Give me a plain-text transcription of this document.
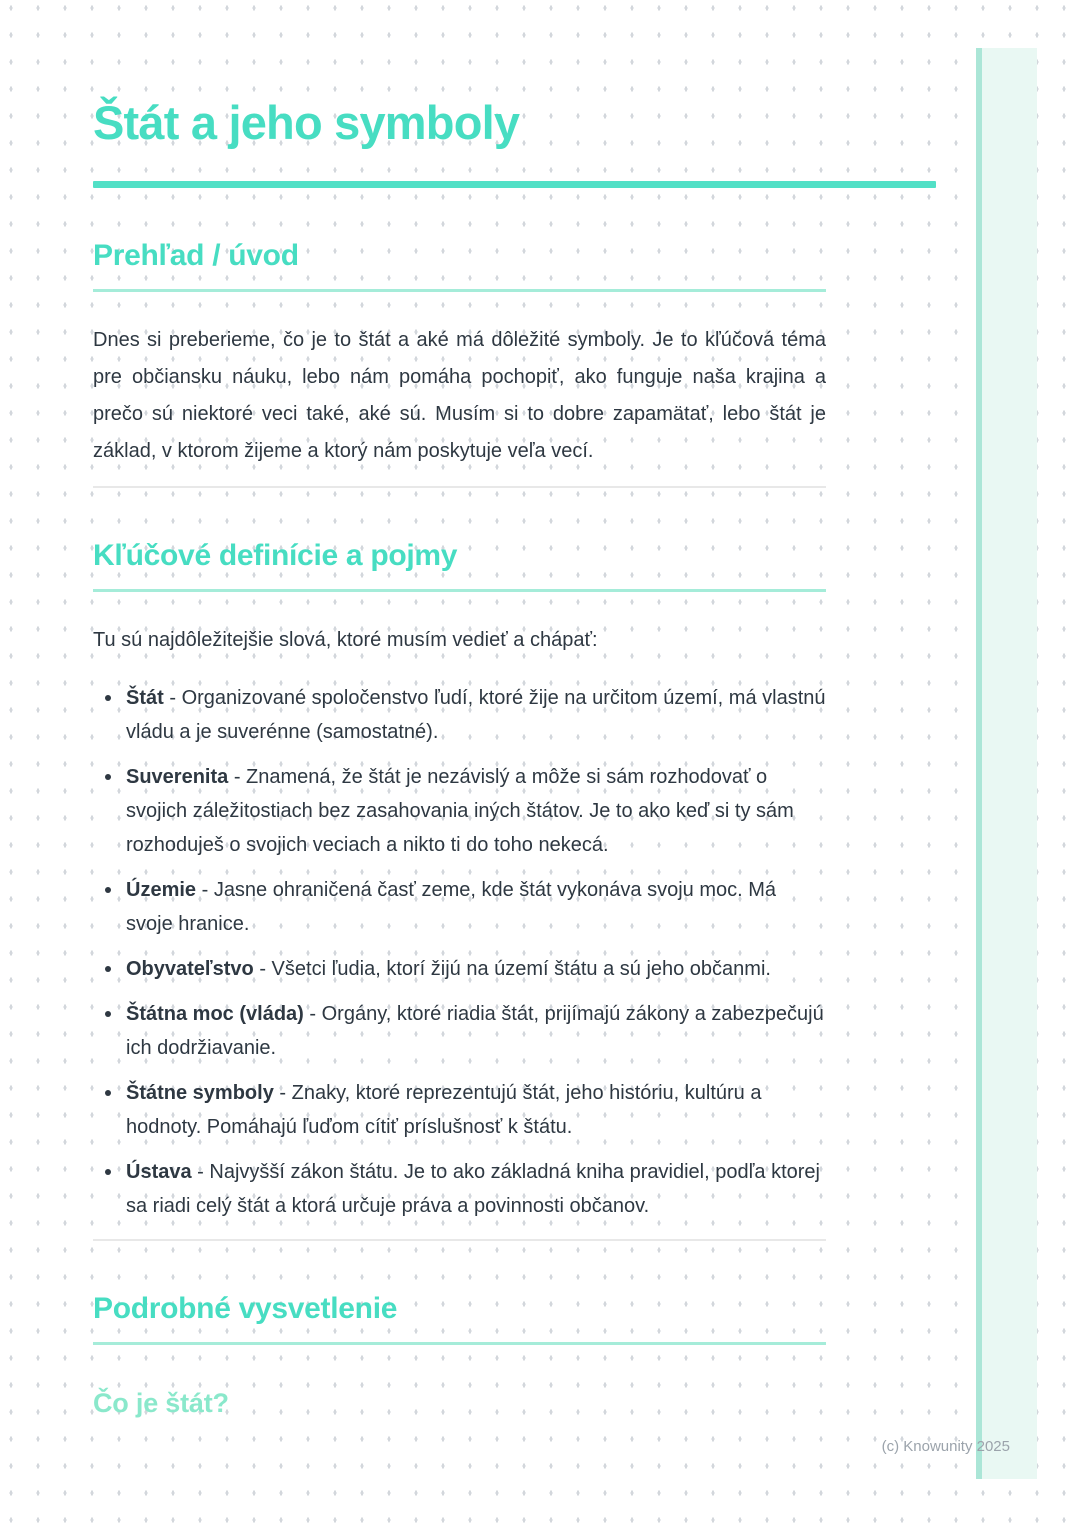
Štát a jeho symboly
Prehľad / úvod

Dnes si preberieme, čo je to štát a aké má dôležité symboly. Je to kľúčová téma pre občiansku náuku, lebo nám pomáha pochopiť, ako funguje naša krajina a prečo sú niektoré veci také, aké sú. Musím si to dobre zapamätať, lebo štát je základ, v ktorom žijeme a ktorý nám poskytuje veľa vecí.

Kľúčové definície a pojmy

Tu sú najdôležitejšie slová, ktoré musím vedieť a chápať:

Štát - Organizované spoločenstvo ľudí, ktoré žije na určitom území, má vlastnú vládu a je suverénne (samostatné).
Suverenita - Znamená, že štát je nezávislý a môže si sám rozhodovať o svojich záležitostiach bez zasahovania iných štátov. Je to ako keď si ty sám rozhoduješ o svojich veciach a nikto ti do toho nekecá.
Územie - Jasne ohraničená časť zeme, kde štát vykonáva svoju moc. Má svoje hranice.
Obyvateľstvo - Všetci ľudia, ktorí žijú na území štátu a sú jeho občanmi.
Štátna moc (vláda) - Orgány, ktoré riadia štát, prijímajú zákony a zabezpečujú ich dodržiavanie.
Štátne symboly - Znaky, ktoré reprezentujú štát, jeho históriu, kultúru a hodnoty. Pomáhajú ľuďom cítiť príslušnosť k štátu.
Ústava - Najvyšší zákon štátu. Je to ako základná kniha pravidiel, podľa ktorej sa riadi celý štát a ktorá určuje práva a povinnosti občanov.
Podrobné vysvetlenie
Čo je štát?
(c) Knowunity 2025
